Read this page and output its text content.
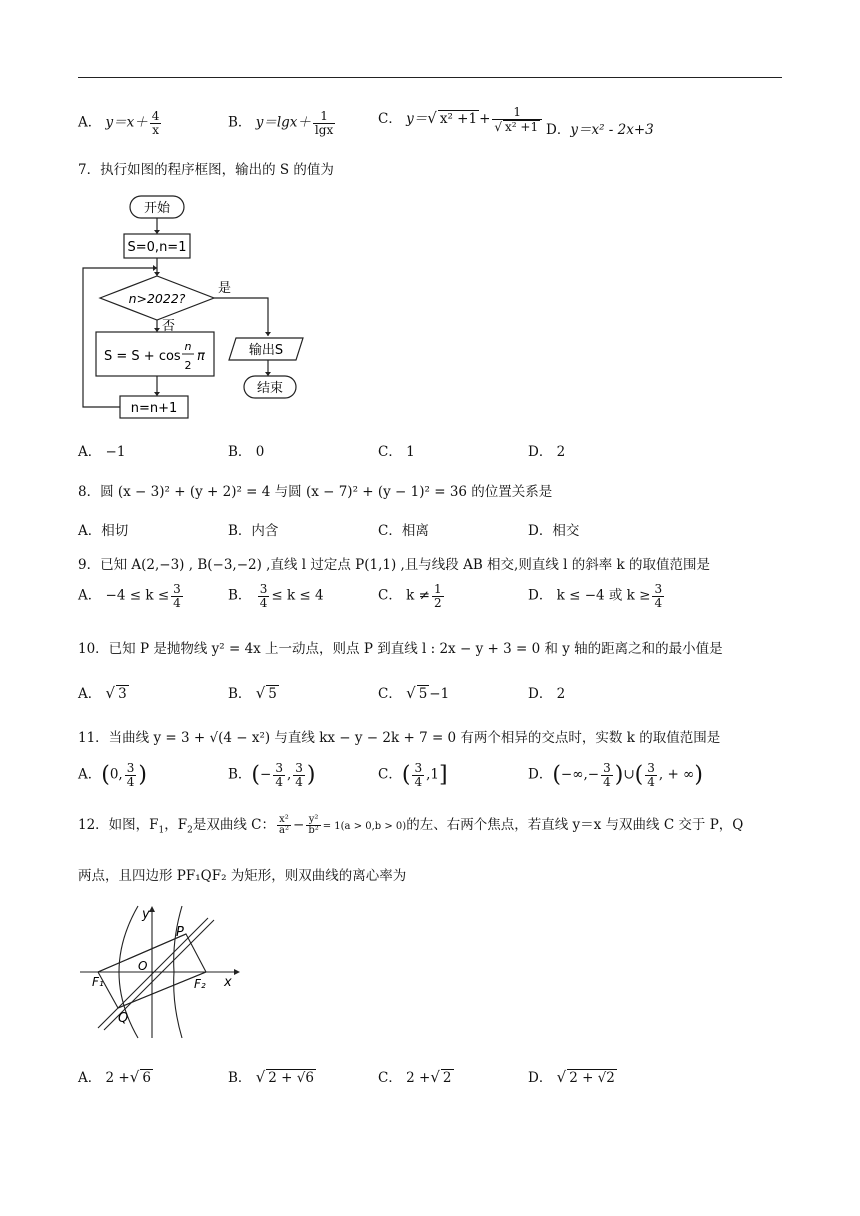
A． $y=x+ \frac{4}{x}$	B． $y=\lg x+ \frac{1}{\lg x}$	C． y＝√ $x^2 +1 + \frac{1}{\text{√ x² +1}}$ D．y＝x² - 2x+3
7．执行如图的程序框图，输出的 S 的值为
开始
S=0,n=1
n>2022?
是
否
S = S + cos
n
2
π
n=n+1
输出S
结束
A． −1	B． 0	C． 1	D． 2
8．圆 (x − 3)² + (y + 2)² = 4 与圆 (x − 7)² + (y − 1)² = 36 的位置关系是
A．相切	B．内含	C．相离	D．相交
9．已知 A(2,−3) , B(−3,−2) ,直线 l 过定点 P(1,1) ,且与线段 AB 相交,则直线 l 的斜率 k 的取值范围是
A． $-4 \le k \le \frac{3}{4}$	B． $\frac{3}{4} \le k \le 4$	C． $k \ne \frac{1}{2}$	D． k ≤ −4 或 $k \ge \frac{3}{4}$
10．已知 P 是抛物线 y² = 4x 上一动点，则点 P 到直线 l : 2x − y + 3 = 0 和 y 轴的距离之和的最小值是
A． √ 3	B． √ 5	C． √ 5 −1	D． 2
11．当曲线 y = 3 + √(4 − x²) 与直线 kx − y − 2k + 7 = 0 有两个相异的交点时，实数 k 的取值范围是
A．(0, $\frac{3}{4}$ )	B．(− $\frac{3}{4}$ , $\frac{3}{4}$ )	C．( $\frac{3}{4} ,1$]	D．(−∞,− $\frac{3}{4}$ )∪( $\frac{3}{4}$ , + ∞)
12．如图，$F_1$，$F_2$是双曲线 C： $\frac{\text{x²}}{\text{a²}} - \frac{\text{y²}}{\text{b²}} = 1(a > 0,b > 0)$的左、右两个焦点，若直线 y＝x 与双曲线 C 交于 P，Q
两点，且四边形 PF₁QF₂ 为矩形，则双曲线的离心率为
y
x
P
O
Q
F₁	F₂
A． 2 +√ 6	B． √ 2 + √6	C． 2 +√ 2	D． √ 2 + √2
